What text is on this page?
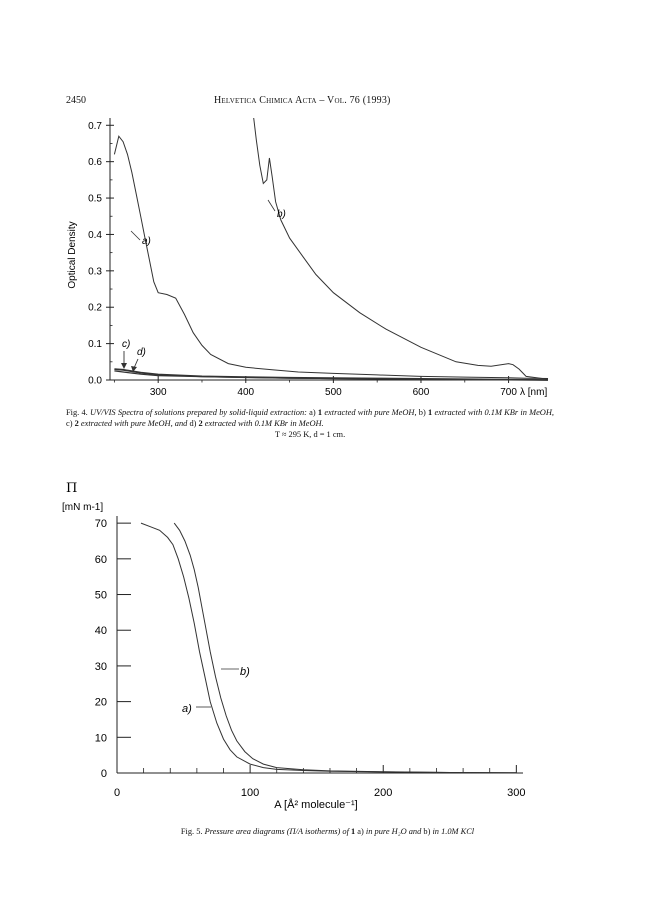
2450	Helvetica Chimica Acta – Vol. 76 (1993)
0.0
0.1
0.2
0.3
0.4
0.5
0.6
0.7
300	400	500	600	700 λ [nm]
Optical Density	a)
b)
c)
d)
0
10
20
30
40
50
60
70
0	100	200	300
Π
[mN m-1]
A [Å² molecule⁻¹]
a)
b)
Fig. 4. UV/VIS Spectra of solutions prepared by solid-liquid extraction: a) 1 extracted with pure MeOH, b) 1 extracted with 0.1M KBr in MeOH, c) 2 extracted with pure MeOH, and d) 2 extracted with 0.1M KBr in MeOH.
T ≈ 295 K, d = 1 cm.
Fig. 5. Pressure area diagrams (Π/A isotherms) of 1 a) in pure H₂O and b) in 1.0M KCl
